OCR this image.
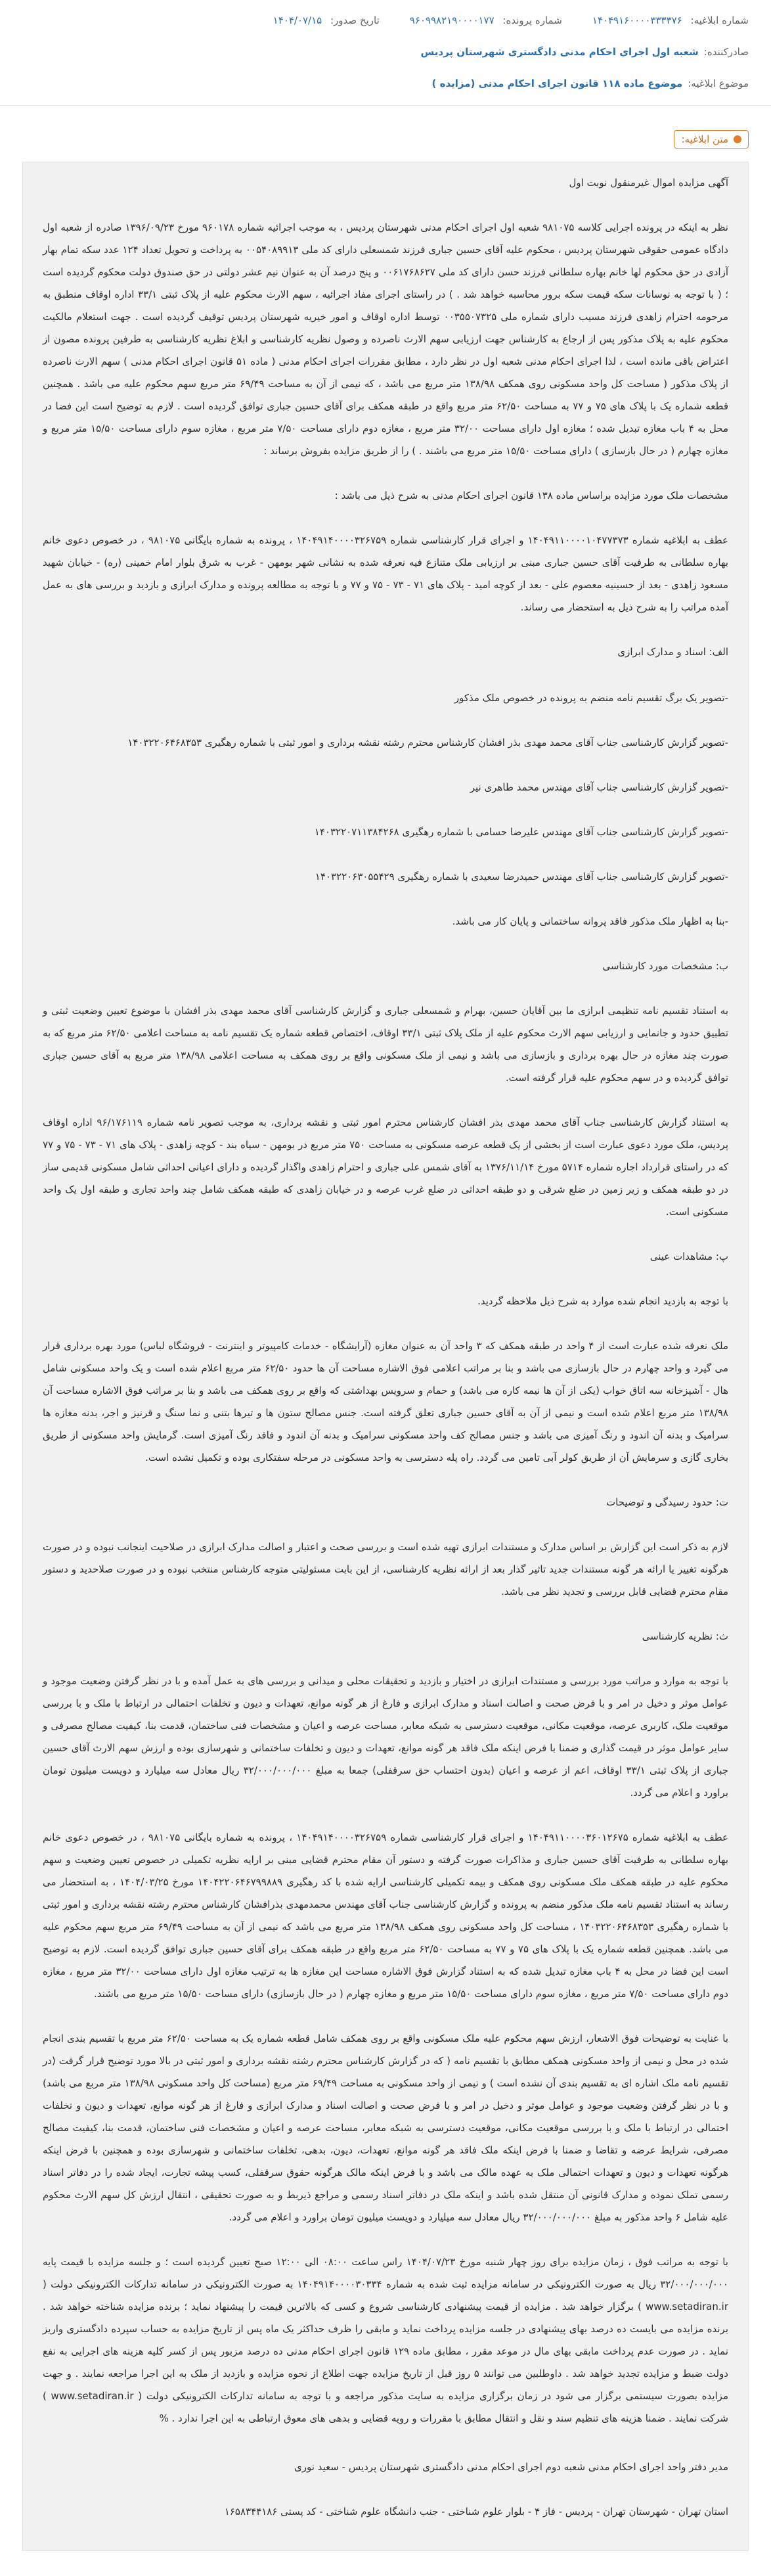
شماره ابلاغیه: ۱۴۰۴۹۱۶۰۰۰۰۳۳۳۳۷۶
شماره پرونده: ۹۶۰۹۹۸۲۱۹۰۰۰۰۱۷۷
تاریخ صدور: ۱۴۰۴/۰۷/۱۵
صادرکننده:
شعبه اول اجرای احکام مدنی دادگستری شهرستان پردیس
موضوع ابلاغیه:
موضوع ماده ۱۱۸ قانون اجرای احکام مدنی (مزایده )
متن ابلاغیه:

آگهی مزایده اموال غیرمنقول نوبت اول

نظر به اینکه در پرونده اجرایی کلاسه ۹۸۱۰۷۵ شعبه اول اجرای احکام مدنی شهرستان پردیس ، به موجب اجرائیه شماره ۹۶۰۱۷۸ مورخ ۱۳۹۶/۰۹/۲۳ صادره از شعبه اول دادگاه عمومی حقوقی شهرستان پردیس ، محکوم علیه آقای حسین جباری فرزند شمسعلی دارای کد ملی ۰۰۵۴۰۸۹۹۱۳ به پرداخت و تحویل تعداد ۱۲۴ عدد سکه تمام بهار آزادی در حق محکوم لها خانم بهاره سلطانی فرزند حسن دارای کد ملی ۰۰۶۱۷۶۸۶۲۷ و پنج درصد آن به عنوان نیم عشر دولتی در حق صندوق دولت محکوم گردیده است ؛ ( با توجه به نوسانات سکه قیمت سکه برور محاسبه خواهد شد . ) در راستای اجرای مفاد اجرائیه ، سهم الارث محکوم علیه از پلاک ثبتی ۳۳/۱ اداره اوقاف منطبق به مرحومه احترام زاهدی فرزند مسیب دارای شماره ملی ۰۰۳۵۵۰۷۳۲۵ توسط اداره اوقاف و امور خیریه شهرستان پردیس توقیف گردیده است . جهت استعلام مالکیت محکوم علیه به پلاک مذکور پس از ارجاع به کارشناس جهت ارزیابی سهم الارث ناصرده و وصول نظریه کارشناسی و ابلاغ نظریه کارشناسی به طرفین پرونده مصون از اعتراض باقی مانده است ، لذا اجرای احکام مدنی شعبه اول در نظر دارد ، مطابق مقررات اجرای احکام مدنی ( ماده ۵۱ قانون اجرای احکام مدنی ) سهم الارث ناصرده از پلاک مذکور ( مساحت کل واحد مسکونی روی همکف ۱۳۸/۹۸ متر مربع می باشد ، که نیمی از آن به مساحت ۶۹/۴۹ متر مربع سهم محکوم علیه می باشد . همچنین قطعه شماره یک با پلاک های ۷۵ و ۷۷ به مساحت ۶۲/۵۰ متر مربع واقع در طبقه همکف برای آقای حسین جباری توافق گردیده است . لازم به توضیح است این فضا در محل به ۴ باب مغازه تبدیل شده ؛ مغازه اول دارای مساحت ۳۲/۰۰ متر مربع ، مغازه دوم دارای مساحت ۷/۵۰ متر مربع ، مغازه سوم دارای مساحت ۱۵/۵۰ متر مربع و مغازه چهارم ( در حال بازسازی ) دارای مساحت ۱۵/۵۰ متر مربع می باشند . ) را از طریق مزایده بفروش برساند :

مشخصات ملک مورد مزایده براساس ماده ۱۳۸ قانون اجرای احکام مدنی به شرح ذیل می باشد :

عطف به ابلاغیه شماره ۱۴۰۴۹۱۱۰۰۰۰۱۰۴۷۷۳۷۳ و اجرای قرار کارشناسی شماره ۱۴۰۴۹۱۴۰۰۰۰۳۲۶۷۵۹ ، پرونده به شماره بایگانی ۹۸۱۰۷۵ ، در خصوص دعوی خانم بهاره سلطانی به طرفیت آقای حسین جباری مبنی بر ارزیابی ملک متنازع فیه نعرفه شده به نشانی شهر بومهن - غرب به شرق بلوار امام خمینی (ره) - خیابان شهید مسعود زاهدی - بعد از حسینیه معصوم علی - بعد از کوچه امید - پلاک های ۷۱ - ۷۳ - ۷۵ و ۷۷ و با توجه به مطالعه پرونده و مدارک ابرازی و بازدید و بررسی های به عمل آمده مراتب را به شرح ذیل به استحضار می رساند.

الف: اسناد و مدارک ابرازی

-تصویر یک برگ تقسیم نامه منضم به پرونده در خصوص ملک مذکور

-تصویر گزارش کارشناسی جناب آقای محمد مهدی بذر افشان کارشناس محترم رشته نقشه برداری و امور ثبتی با شماره رهگیری ۱۴۰۳۲۲۰۶۴۶۸۳۵۳

-تصویر گزارش کارشناسی جناب آقای مهندس محمد طاهری نیر

-تصویر گزارش کارشناسی جناب آقای مهندس علیرضا حسامی با شماره رهگیری ۱۴۰۳۲۲۰۷۱۱۳۸۴۲۶۸

-تصویر گزارش کارشناسی جناب آقای مهندس حمیدرضا سعیدی با شماره رهگیری ۱۴۰۳۲۲۰۶۳۰۵۵۴۲۹

-بنا به اظهار ملک مذکور فاقد پروانه ساختمانی و پایان کار می باشد.

ب: مشخصات مورد کارشناسی

به استناد تقسیم نامه تنظیمی ابرازی ما بین آقایان حسین، بهرام و شمسعلی جباری و گزارش کارشناسی آقای محمد مهدی بذر افشان با موضوع تعیین وضعیت ثبتی و تطبیق حدود و جانمایی و ارزیابی سهم الارث محکوم علیه از ملک پلاک ثبتی ۳۳/۱ اوقاف، اختصاص قطعه شماره یک تقسیم نامه به مساحت اعلامی ۶۲/۵۰ متر مربع که به صورت چند مغازه در حال بهره برداری و بازسازی می باشد و نیمی از ملک مسکونی واقع بر روی همکف به مساحت اعلامی ۱۳۸/۹۸ متر مربع به آقای حسین جباری توافق گردیده و در سهم محکوم علیه قرار گرفته است.

به استناد گزارش کارشناسی جناب آقای محمد مهدی بذر افشان کارشناس محترم امور ثبتی و نقشه برداری، به موجب تصویر نامه شماره ۹۶/۱۷۶۱۱۹ اداره اوقاف پردیس، ملک مورد دعوی عبارت است از بخشی از یک قطعه عرصه مسکونی به مساحت ۷۵۰ متر مربع در بومهن - سیاه بند - کوچه زاهدی - پلاک های ۷۱ - ۷۳ - ۷۵ و ۷۷ که در راستای قرارداد اجاره شماره ۵۷۱۴ مورخ ۱۳۷۶/۱۱/۱۴ به آقای شمس علی جباری و احترام زاهدی واگذار گردیده و دارای اعیانی احداثی شامل مسکونی قدیمی ساز در دو طبقه همکف و زیر زمین در ضلع شرقی و دو طبقه احداثی در ضلع غرب عرصه و در خیابان زاهدی که طبقه همکف شامل چند واحد تجاری و طبقه اول یک واحد مسکونی است.

پ: مشاهدات عینی

با توجه به بازدید انجام شده موارد به شرح ذیل ملاحظه گردید.

ملک نعرفه شده عبارت است از ۴ واحد در طبقه همکف که ۳ واحد آن به عنوان مغازه (آرایشگاه - خدمات کامپیوتر و اینترنت - فروشگاه لباس) مورد بهره برداری قرار می گیرد و واحد چهارم در حال بازسازی می باشد و بنا بر مراتب اعلامی فوق الاشاره مساحت آن ها حدود ۶۲/۵۰ متر مربع اعلام شده است و یک واحد مسکونی شامل هال - آشپزخانه سه اتاق خواب (یکی از آن ها نیمه کاره می باشد) و حمام و سرویس بهداشتی که واقع بر روی همکف می باشد و بنا بر مراتب فوق الاشاره مساحت آن ۱۳۸/۹۸ متر مربع اعلام شده است و نیمی از آن به آقای حسین جباری تعلق گرفته است. جنس مصالح ستون ها و تیرها بتنی و نما سنگ و قرنیز و اجر، بدنه مغازه ها سرامیک و بدنه آن اندود و رنگ آمیزی می باشد و جنس مصالح کف واحد مسکونی سرامیک و بدنه آن اندود و فاقد رنگ آمیزی است. گرمایش واحد مسکونی از طریق بخاری گازی و سرمایش آن از طریق کولر آبی تامین می گردد. راه پله دسترسی به واحد مسکونی در مرحله سفتکاری بوده و تکمیل نشده است.

ت: حدود رسیدگی و توضیحات

لازم به ذکر است این گزارش بر اساس مدارک و مستندات ابرازی تهیه شده است و بررسی صحت و اعتبار و اصالت مدارک ابرازی در صلاحیت اینجانب نبوده و در صورت هرگونه تغییر یا ارائه هر گونه مستندات جدید تاثیر گذار بعد از ارائه نظریه کارشناسی، از این بابت مسئولیتی متوجه کارشناس منتخب نبوده و در صورت صلاحدید و دستور مقام محترم قضایی قابل بررسی و تجدید نظر می باشد.

ث: نظریه کارشناسی

با توجه به موارد و مراتب مورد بررسی و مستندات ابرازی در اختیار و بازدید و تحقیقات محلی و میدانی و بررسی های به عمل آمده و با در نظر گرفتن وضعیت موجود و عوامل موثر و دخیل در امر و با فرض صحت و اصالت اسناد و مدارک ابرازی و فارغ از هر گونه موانع، تعهدات و دیون و تخلفات احتمالی در ارتباط با ملک و با بررسی موقعیت ملک، کاربری عرصه، موقعیت مکانی، موقعیت دسترسی به شبکه معابر، مساحت عرصه و اعیان و مشخصات فنی ساختمان، قدمت بنا، کیفیت مصالح مصرفی و سایر عوامل موثر در قیمت گذاری و ضمنا با فرض اینکه ملک فاقد هر گونه موانع، تعهدات و دیون و تخلفات ساختمانی و شهرسازی بوده و ارزش سهم الارث آقای حسین جباری از پلاک ثبتی ۳۳/۱ اوقاف، اعم از عرصه و اعیان (بدون احتساب حق سرقفلی) جمعا به مبلغ ۳۲/۰۰۰/۰۰۰/۰۰۰ ریال معادل سه میلیارد و دویست میلیون تومان براورد و اعلام می گردد.

عطف به ابلاغیه شماره ۱۴۰۴۹۱۱۰۰۰۰۳۶۰۱۲۶۷۵ و اجرای قرار کارشناسی شماره ۱۴۰۴۹۱۴۰۰۰۰۳۲۶۷۵۹ ، پرونده به شماره بایگانی ۹۸۱۰۷۵ ، در خصوص دعوی خانم بهاره سلطانی به طرفیت آقای حسین جباری و مذاکرات صورت گرفته و دستور آن مقام محترم قضایی مبنی بر ارایه نظریه تکمیلی در خصوص تعیین وضعیت و سهم محکوم علیه در طبقه همکف ملک مسکونی روی همکف و بیمه تکمیلی کارشناسی ارایه شده با کد رهگیری ۱۴۰۴۲۲۰۶۴۶۷۹۹۸۸۹ مورخ ۱۴۰۴/۰۳/۲۵ ، به استحضار می رساند به استناد تقسیم نامه ملک مذکور منضم به پرونده و گزارش کارشناسی جناب آقای مهندس محمدمهدی بذرافشان کارشناس محترم رشته نقشه برداری و امور ثبتی با شماره رهگیری ۱۴۰۳۲۲۰۶۴۶۸۳۵۳ ، مساحت کل واحد مسکونی روی همکف ۱۳۸/۹۸ متر مربع می باشد که نیمی از آن به مساحت ۶۹/۴۹ متر مربع سهم محکوم علیه می باشد. همچنین قطعه شماره یک با پلاک های ۷۵ و ۷۷ به مساحت ۶۲/۵۰ متر مربع واقع در طبقه همکف برای آقای حسین جباری توافق گردیده است. لازم به توضیح است این فضا در محل به ۴ باب مغازه تبدیل شده که به استناد گزارش فوق الاشاره مساحت این مغازه ها به ترتیب مغازه اول دارای مساحت ۳۲/۰۰ متر مربع ، مغازه دوم دارای مساحت ۷/۵۰ متر مربع ، مغازه سوم دارای مساحت ۱۵/۵۰ متر مربع و مغازه چهارم ( در حال بازسازی) دارای مساحت ۱۵/۵۰ متر مربع می باشند.

با عنایت به توضیحات فوق الاشعار، ارزش سهم محکوم علیه ملک مسکونی واقع بر روی همکف شامل قطعه شماره یک به مساحت ۶۲/۵۰ متر مربع با تقسیم بندی انجام شده در محل و نیمی از واحد مسکونی همکف مطابق با تقسیم نامه ( که در گزارش کارشناس محترم رشته نقشه برداری و امور ثبتی در بالا مورد توضیح قرار گرفت (در تقسیم نامه ملک اشاره ای به تقسیم بندی آن نشده است ) و نیمی از واحد مسکونی به مساحت ۶۹/۴۹ متر مربع (مساحت کل واحد مسکونی ۱۳۸/۹۸ متر مربع می باشد) و با در نظر گرفتن وضعیت موجود و عوامل موثر و دخیل در امر و با فرض صحت و اصالت اسناد و مدارک ابرازی و فارغ از هر گونه موانع، تعهدات و دیون و تخلفات احتمالی در ارتباط با ملک و با بررسی موقعیت مکانی، موقعیت دسترسی به شبکه معابر، مساحت عرصه و اعیان و مشخصات فنی ساختمان، قدمت بنا، کیفیت مصالح مصرفی، شرایط عرضه و تقاضا و ضمنا با فرض اینکه ملک فاقد هر گونه موانع، تعهدات، دیون، بدهی، تخلفات ساختمانی و شهرسازی بوده و همچنین با فرض اینکه هرگونه تعهدات و دیون و تعهدات احتمالی ملک به عهده مالک می باشد و با فرض اینکه مالک هرگونه حقوق سرقفلی، کسب پیشه تجارت، ایجاد شده را در دفاتر اسناد رسمی تملک نموده و مدارک قانونی آن منتقل شده باشد و اینکه ملک در دفاتر اسناد رسمی و مراجع ذیربط و به صورت تحقیقی ، انتقال ارزش کل سهم الارث محکوم علیه شامل ۶ واحد مذکور به مبلغ ۳۲/۰۰۰/۰۰۰/۰۰۰ ریال معادل سه میلیارد و دویست میلیون تومان براورد و اعلام می گردد.

با توجه به مراتب فوق ، زمان مزایده برای روز چهار شنبه مورخ ۱۴۰۴/۰۷/۲۳ راس ساعت ۰۸:۰۰ الی ۱۲:۰۰ صبح تعیین گردیده است ؛ و جلسه مزایده با قیمت پایه ۳۲/۰۰۰/۰۰۰/۰۰۰ ریال به صورت الکترونیکی در سامانه مزایده ثبت شده به شماره ۱۴۰۴۹۱۴۰۰۰۰۳۰۳۳۴ به صورت الکترونیکی در سامانه تدارکات الکترونیکی دولت ( www.setadiran.ir ) برگزار خواهد شد . مزایده از قیمت پیشنهادی کارشناسی شروع و کسی که بالاترین قیمت را پیشنهاد نماید ؛ برنده مزایده شناخته خواهد شد . برنده مزایده می بایست ده درصد بهای پیشنهادی در جلسه مزایده پرداخت نماید و مابقی را ظرف حداکثر یک ماه پس از تاریخ مزایده به حساب سپرده دادگستری واریز نماید . در صورت عدم پرداخت مابقی بهای مال در موعد مقرر ، مطابق ماده ۱۲۹ قانون اجرای احکام مدنی ده درصد مزبور پس از کسر کلیه هزینه های اجرایی به نفع دولت ضبط و مزایده تجدید خواهد شد . داوطلبین می توانند ۵ روز قبل از تاریخ مزایده جهت اطلاع از نحوه مزایده و بازدید از ملک به این اجرا مراجعه نمایند . و جهت مزایده بصورت سیستمی برگزار می شود در زمان برگزاری مزایده به سایت مذکور مراجعه و با توجه به سامانه تدارکات الکترونیکی دولت ( www.setadiran.ir ) شرکت نمایند . ضمنا هزینه های تنظیم سند و نقل و انتقال مطابق با مقررات و رویه قضایی و بدهی های معوق ارتباطی به این اجرا ندارد . %

مدیر دفتر واحد اجرای احکام مدنی شعبه دوم اجرای احکام مدنی دادگستری شهرستان پردیس - سعید نوری

استان تهران - شهرستان تهران - پردیس - فاز ۴ - بلوار علوم شناختی - جنب دانشگاه علوم شناختی - کد پستی ۱۶۵۸۳۴۴۱۸۶
